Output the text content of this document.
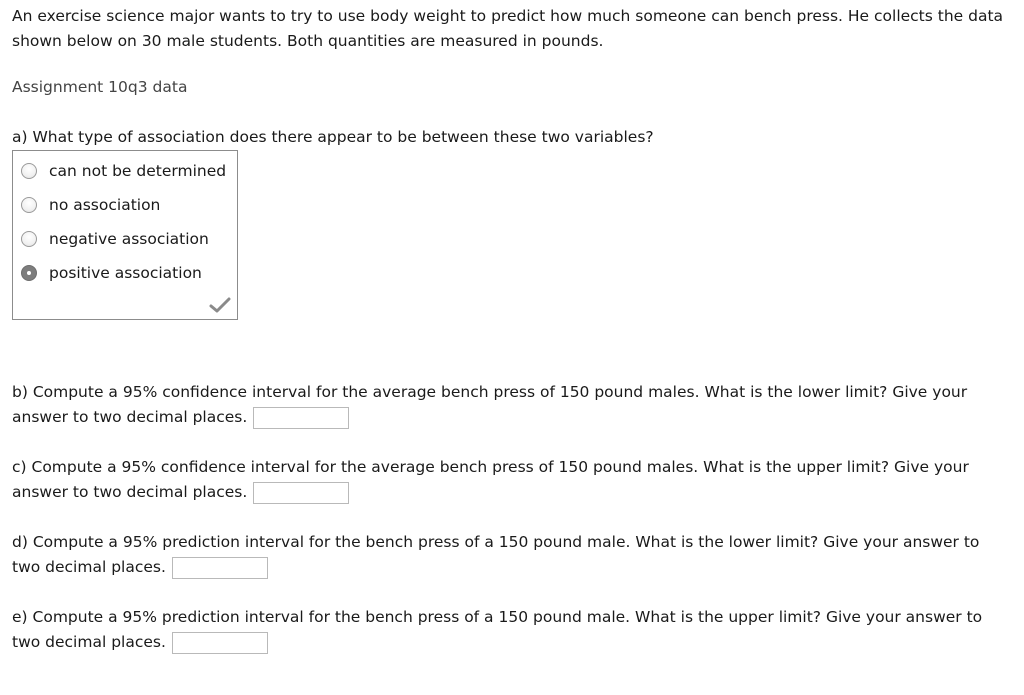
An exercise science major wants to try to use body weight to predict how much someone can bench press. He collects the data shown below on 30 male students. Both quantities are measured in pounds.
Assignment 10q3 data
a) What type of association does there appear to be between these two variables?
can not be determined
no association
negative association
positive association
b) Compute a 95% confidence interval for the average bench press of 150 pound males. What is the lower limit? Give your answer to two decimal places.
c) Compute a 95% confidence interval for the average bench press of 150 pound males. What is the upper limit? Give your answer to two decimal places.
d) Compute a 95% prediction interval for the bench press of a 150 pound male. What is the lower limit? Give your answer to two decimal places.
e) Compute a 95% prediction interval for the bench press of a 150 pound male. What is the upper limit? Give your answer to two decimal places.
